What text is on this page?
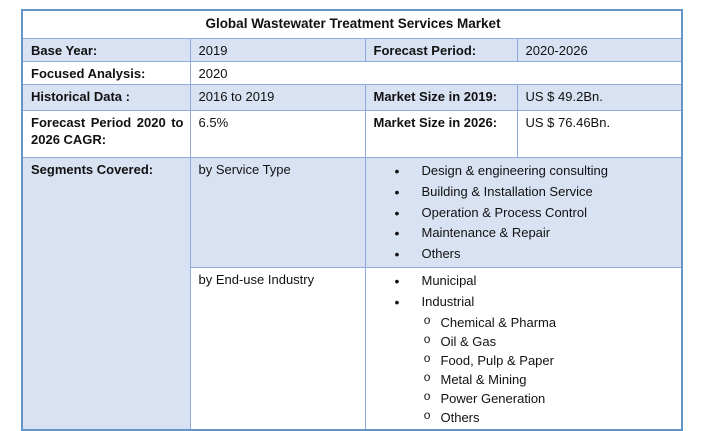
Global Wastewater Treatment Services Market			
Base Year:	2019	Forecast Period:	2020-2026
Focused Analysis:	2020		
Historical Data :	2016 to 2019	Market Size in 2019:	US $ 49.2Bn.

Forecast Period 2020 to 2026 CAGR:	6.5%	Market Size in 2026:	US $ 76.46Bn.
Segments Covered:	by Service Type	
•Design & engineering consulting
• Building & Installation Service
• Operation & Process Control
• Maintenance & Repair
• Others

by End-use Industry	
•Municipal
• Industrial
o Chemical & Pharma
o Oil & Gas
o Food, Pulp & Paper
o Metal & Mining
o Power Generation
o Others
